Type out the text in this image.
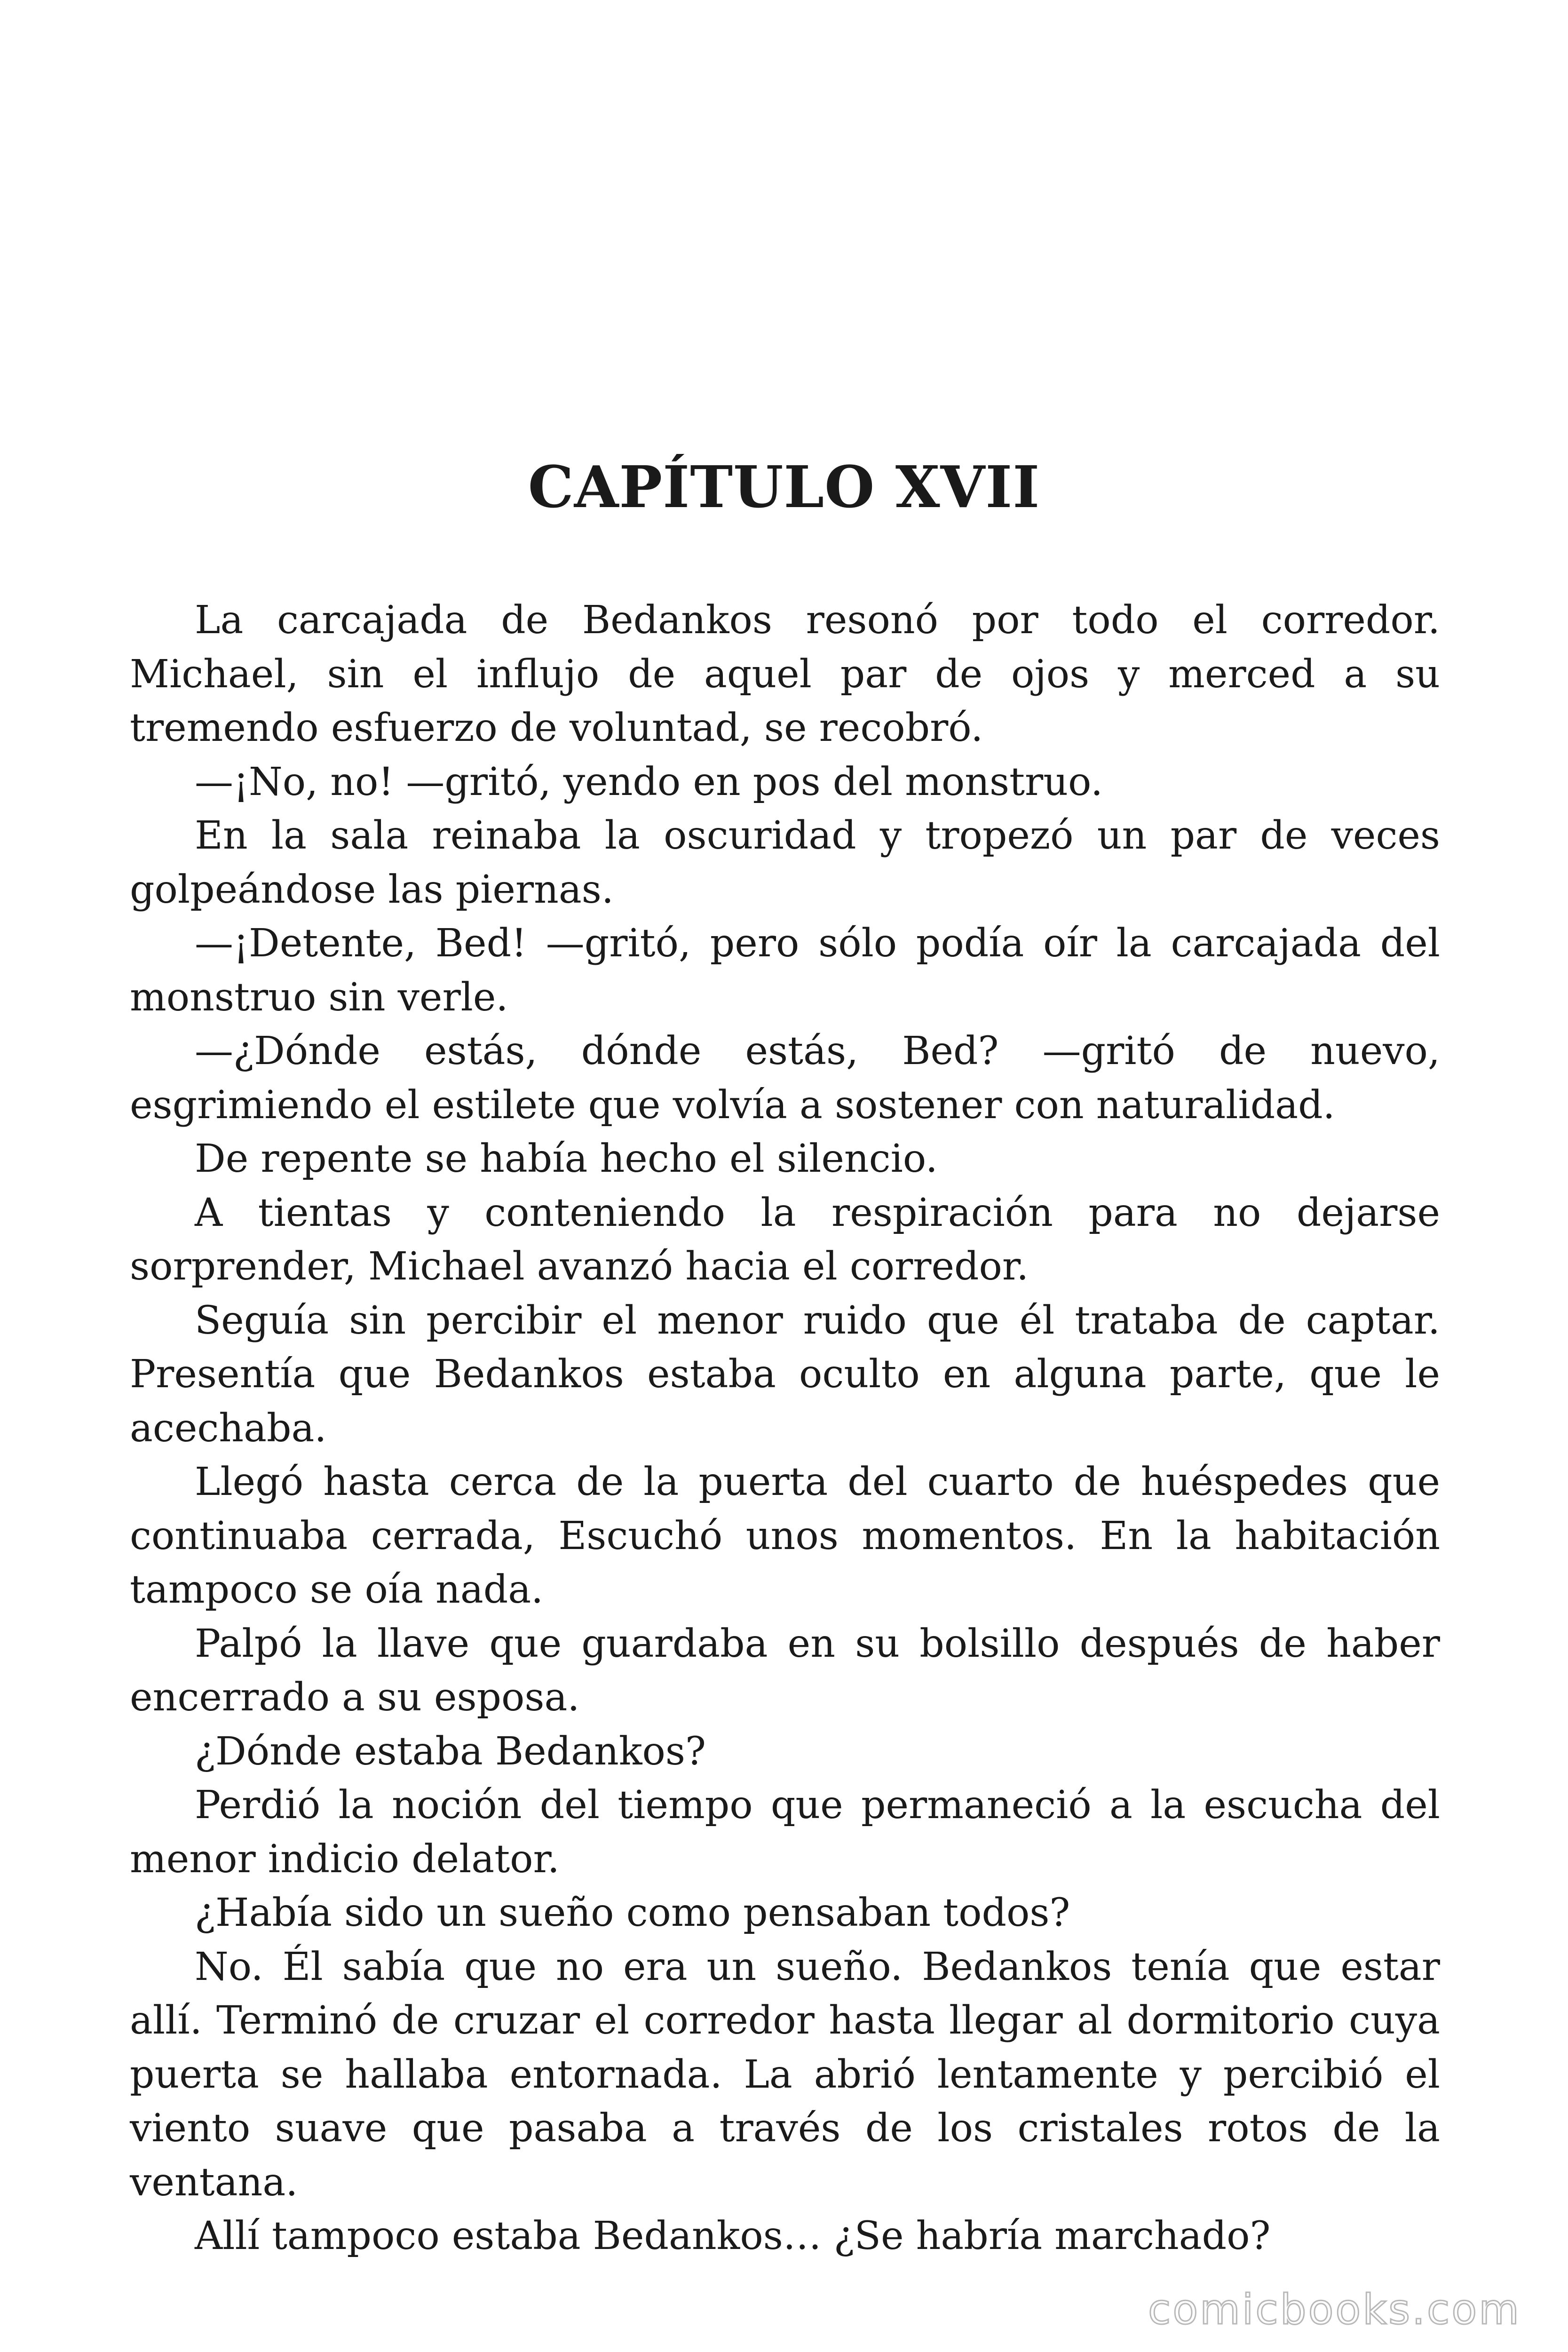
CAPÍTULO XVII

La carcajada de Bedankos resonó por todo el corredor. Michael, sin el influjo de aquel par de ojos y merced a su tremendo esfuerzo de voluntad, se recobró.

—¡No, no! —gritó, yendo en pos del monstruo.

En la sala reinaba la oscuridad y tropezó un par de veces golpeándose las piernas.

—¡Detente, Bed! —gritó, pero sólo podía oír la carcajada del monstruo sin verle.

—¿Dónde estás, dónde estás, Bed? —gritó de nuevo, esgrimiendo el estilete que volvía a sostener con naturalidad.

De repente se había hecho el silencio.

A tientas y conteniendo la respiración para no dejarse sorprender, Michael avanzó hacia el corredor.

Seguía sin percibir el menor ruido que él trataba de captar. Presentía que Bedankos estaba oculto en alguna parte, que le acechaba.

Llegó hasta cerca de la puerta del cuarto de huéspedes que continuaba cerrada, Escuchó unos momentos. En la habitación tampoco se oía nada.

Palpó la llave que guardaba en su bolsillo después de haber encerrado a su esposa.

¿Dónde estaba Bedankos?

Perdió la noción del tiempo que permaneció a la escucha del menor indicio delator.

¿Había sido un sueño como pensaban todos?

No. Él sabía que no era un sueño. Bedankos tenía que estar allí. Terminó de cruzar el corredor hasta llegar al dormitorio cuya puerta se hallaba entornada. La abrió lentamente y percibió el viento suave que pasaba a través de los cristales rotos de la ventana.

Allí tampoco estaba Bedankos… ¿Se habría marchado?

comicbooks.com
